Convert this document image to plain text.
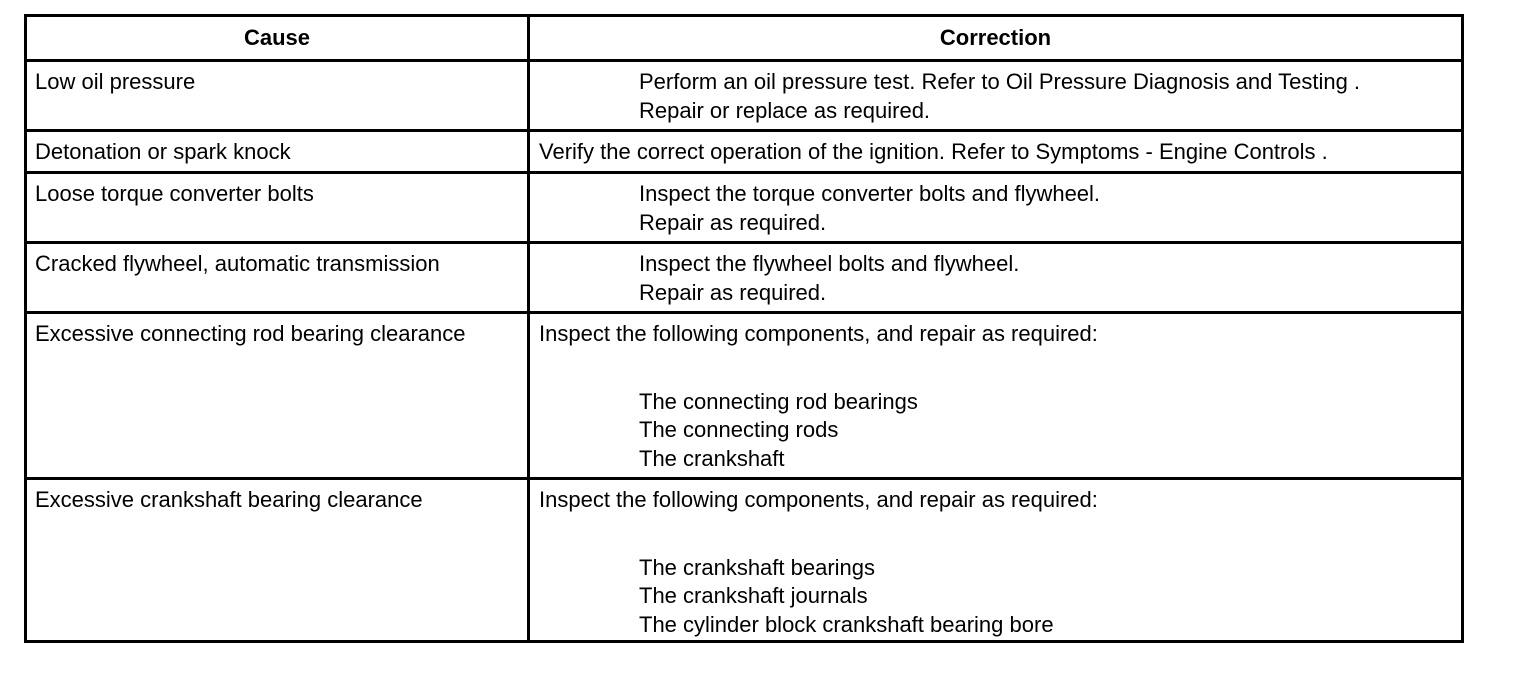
Cause	Correction
Low oil pressure	Perform an oil pressure test. Refer to Oil Pressure Diagnosis and Testing .
Repair or replace as required.
Detonation or spark knock	Verify the correct operation of the ignition. Refer to Symptoms - Engine Controls .
Loose torque converter bolts	Inspect the torque converter bolts and flywheel.
Repair as required.
Cracked flywheel, automatic transmission	Inspect the flywheel bolts and flywheel.
Repair as required.
Excessive connecting rod bearing clearance	Inspect the following components, and repair as required:
The connecting rod bearings
The connecting rods
The crankshaft
Excessive crankshaft bearing clearance	Inspect the following components, and repair as required:
The crankshaft bearings
The crankshaft journals
The cylinder block crankshaft bearing bore
